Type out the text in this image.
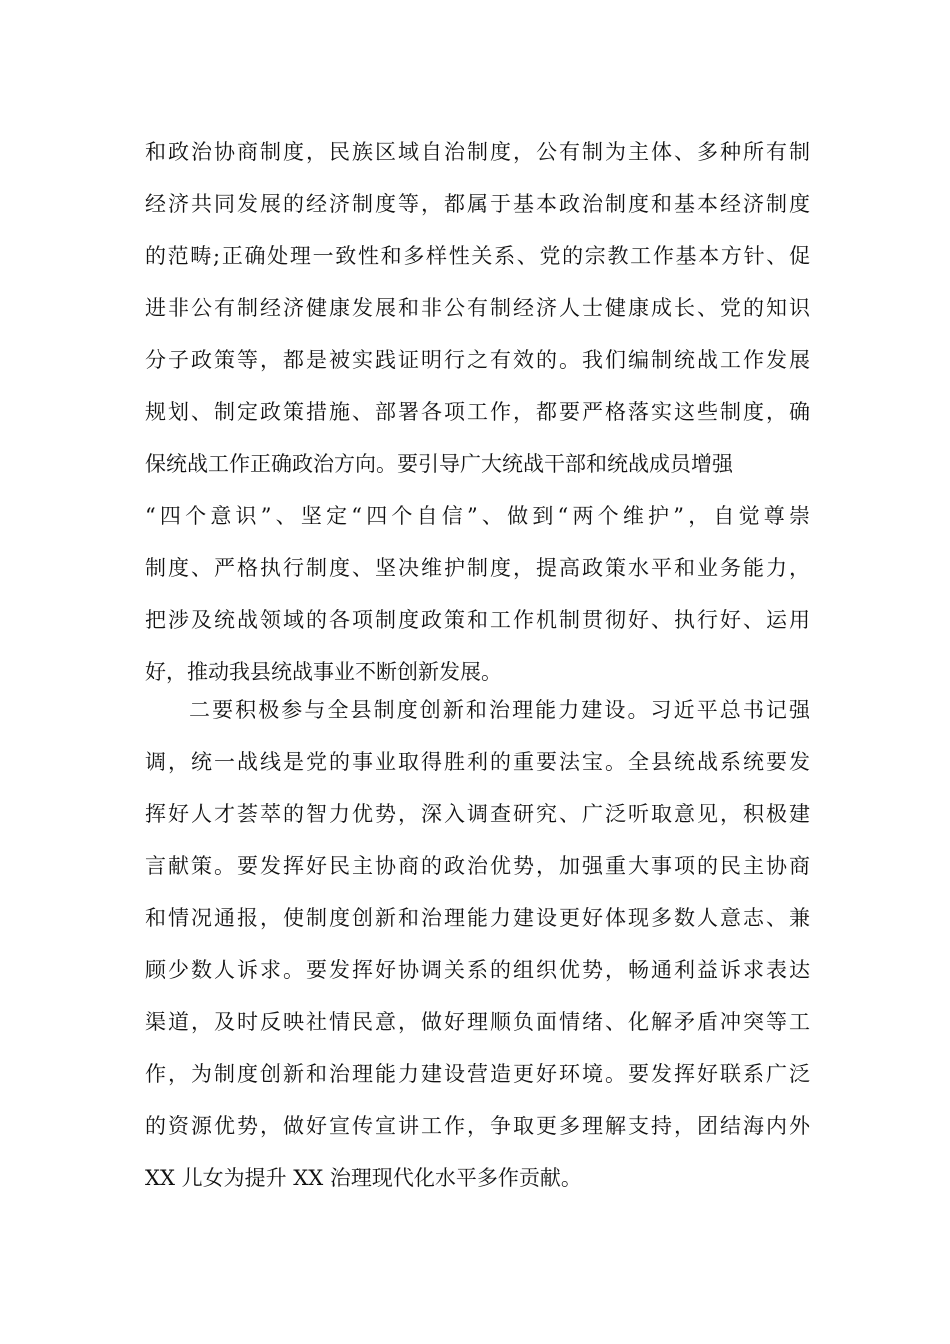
和政治协商制度，民族区域自治制度，公有制为主体、多种所有制
经济共同发展的经济制度等，都属于基本政治制度和基本经济制度
的范畴;正确处理一致性和多样性关系、党的宗教工作基本方针、促
进非公有制经济健康发展和非公有制经济人士健康成长、党的知识
分子政策等，都是被实践证明行之有效的。我们编制统战工作发展
规划、制定政策措施、部署各项工作，都要严格落实这些制度，确
保统战工作正确政治方向。要引导广大统战干部和统战成员增强
“四个意识”、坚定“四个自信”、做到“两个维护”，自觉尊崇
制度、严格执行制度、坚决维护制度，提高政策水平和业务能力，
把涉及统战领域的各项制度政策和工作机制贯彻好、执行好、运用
好，推动我县统战事业不断创新发展。
二要积极参与全县制度创新和治理能力建设。习近平总书记强
调，统一战线是党的事业取得胜利的重要法宝。全县统战系统要发
挥好人才荟萃的智力优势，深入调查研究、广泛听取意见，积极建
言献策。要发挥好民主协商的政治优势，加强重大事项的民主协商
和情况通报，使制度创新和治理能力建设更好体现多数人意志、兼
顾少数人诉求。要发挥好协调关系的组织优势，畅通利益诉求表达
渠道，及时反映社情民意，做好理顺负面情绪、化解矛盾冲突等工
作，为制度创新和治理能力建设营造更好环境。要发挥好联系广泛
的资源优势，做好宣传宣讲工作，争取更多理解支持，团结海内外
XX 儿女为提升 XX 治理现代化水平多作贡献。
